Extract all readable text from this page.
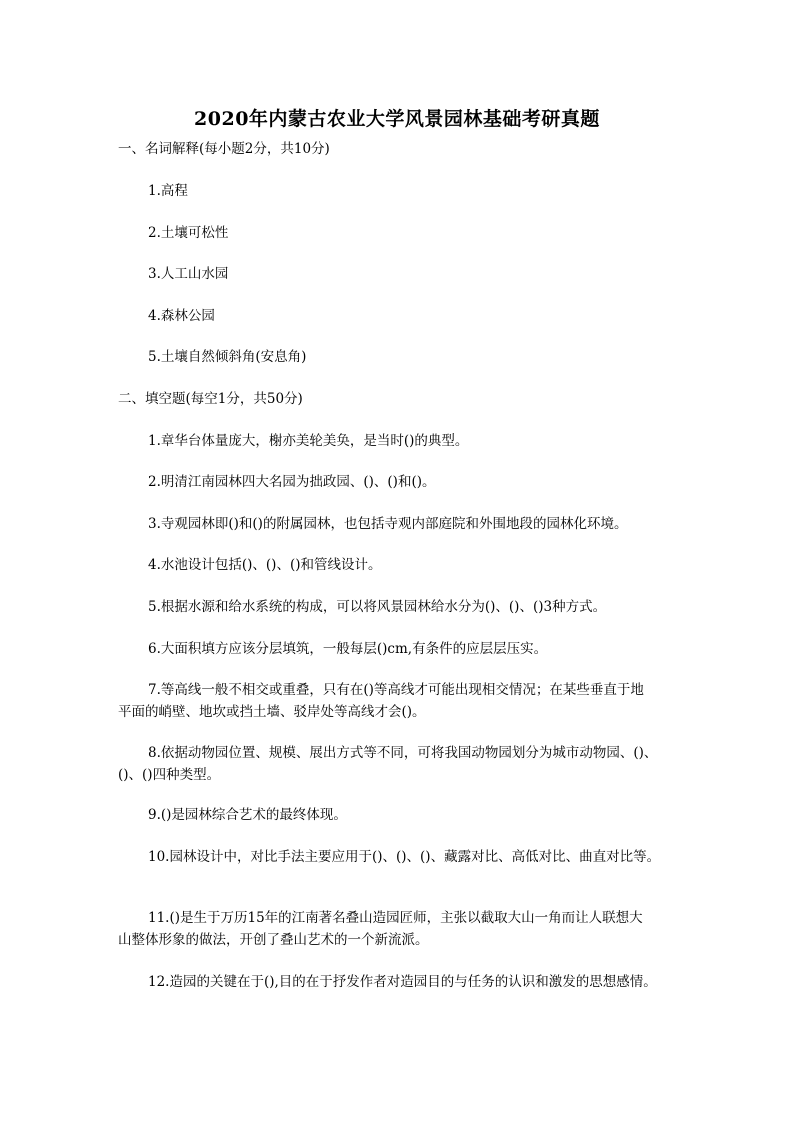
2020年内蒙古农业大学风景园林基础考研真题
一、名词解释(每小题2分，共10分)
1.高程
2.土壤可松性
3.人工山水园
4.森林公园
5.土壤自然倾斜角(安息角)
二、填空题(每空1分，共50分)
1.章华台体量庞大，榭亦美轮美奂，是当时()的典型。
2.明清江南园林四大名园为拙政园、()、()和()。
3.寺观园林即()和()的附属园林，也包括寺观内部庭院和外围地段的园林化环境。
4.水池设计包括()、()、()和管线设计。
5.根据水源和给水系统的构成，可以将风景园林给水分为()、()、()3种方式。
6.大面积填方应该分层填筑，一般每层()cm,有条件的应层层压实。
7.等高线一般不相交或重叠，只有在()等高线才可能出现相交情况；在某些垂直于地
平面的峭壁、地坎或挡土墙、驳岸处等高线才会()。
8.依据动物园位置、规模、展出方式等不同，可将我国动物园划分为城市动物园、()、
()、()四种类型。
9.()是园林综合艺术的最终体现。
10.园林设计中，对比手法主要应用于()、()、()、藏露对比、高低对比、曲直对比等。
11.()是生于万历15年的江南著名叠山造园匠师，主张以截取大山一角而让人联想大
山整体形象的做法，开创了叠山艺术的一个新流派。
12.造园的关键在于(),目的在于抒发作者对造园目的与任务的认识和激发的思想感情。
